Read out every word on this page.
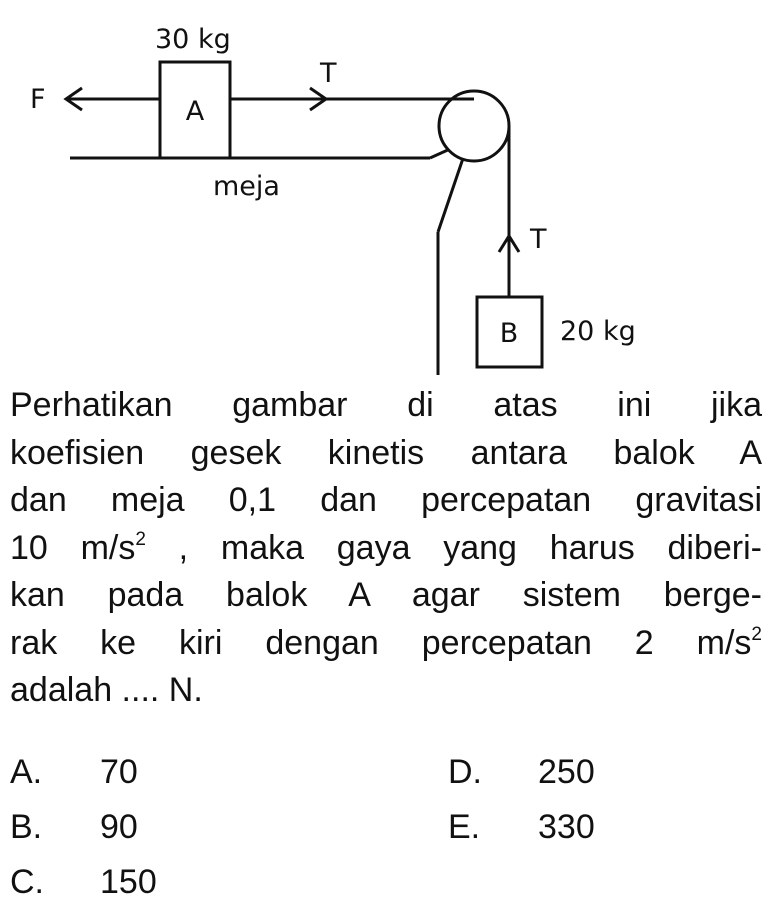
A
30 kg
F
T
meja
T
B 20 kg
Perhatikan gambar di atas ini jika
koefisien gesek kinetis antara balok A
dan meja 0,1 dan percepatan gravitasi
10 $m/s^2$ , maka gaya yang harus diberi-
kan pada balok A agar sistem berge-
rak ke kiri dengan percepatan 2 $m/s^2$
adalah .... N.
A. 70
B. 90
C. 150
D. 250
E. 330
